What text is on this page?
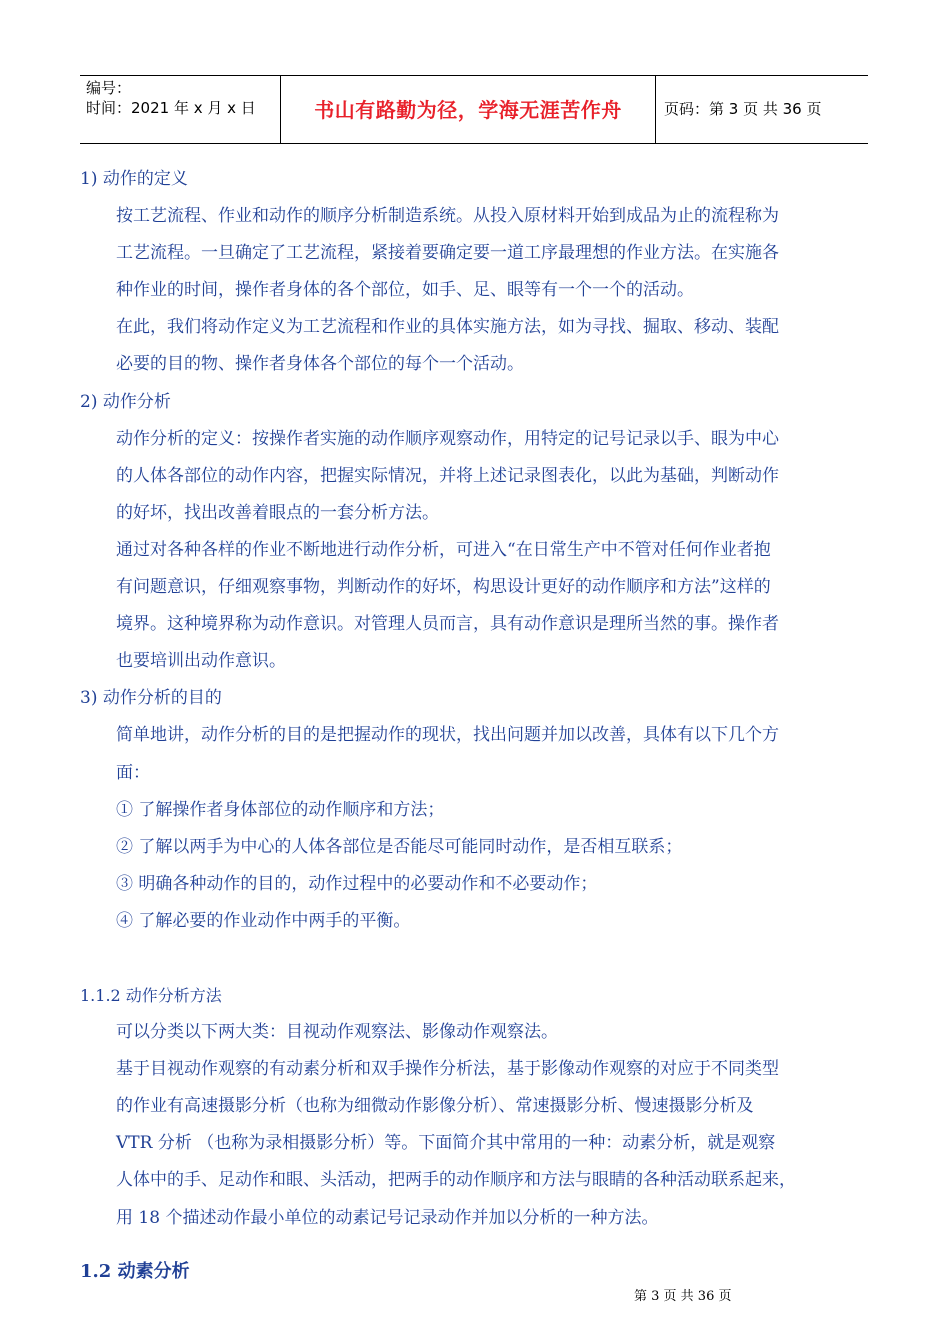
编号：
时间：2021 年 x 月 x 日	书山有路勤为径，学海无涯苦作舟	页码：第 3 页 共 36 页
1) 动作的定义
按工艺流程、作业和动作的顺序分析制造系统。从投入原材料开始到成品为止的流程称为
工艺流程。一旦确定了工艺流程，紧接着要确定要一道工序最理想的作业方法。在实施各
种作业的时间，操作者身体的各个部位，如手、足、眼等有一个一个的活动。
在此，我们将动作定义为工艺流程和作业的具体实施方法，如为寻找、掘取、移动、装配
必要的目的物、操作者身体各个部位的每个一个活动。
2) 动作分析
动作分析的定义：按操作者实施的动作顺序观察动作，用特定的记号记录以手、眼为中心
的人体各部位的动作内容，把握实际情况，并将上述记录图表化，以此为基础，判断动作
的好坏，找出改善着眼点的一套分析方法。
通过对各种各样的作业不断地进行动作分析，可进入“在日常生产中不管对任何作业者抱
有问题意识，仔细观察事物，判断动作的好坏，构思设计更好的动作顺序和方法”这样的
境界。这种境界称为动作意识。对管理人员而言，具有动作意识是理所当然的事。操作者
也要培训出动作意识。
3) 动作分析的目的
简单地讲，动作分析的目的是把握动作的现状，找出问题并加以改善，具体有以下几个方
面：
① 了解操作者身体部位的动作顺序和方法；
② 了解以两手为中心的人体各部位是否能尽可能同时动作，是否相互联系；
③ 明确各种动作的目的，动作过程中的必要动作和不必要动作；
④ 了解必要的作业动作中两手的平衡。
1.1.2 动作分析方法
可以分类以下两大类：目视动作观察法、影像动作观察法。
基于目视动作观察的有动素分析和双手操作分析法，基于影像动作观察的对应于不同类型
的作业有高速摄影分析（也称为细微动作影像分析）、常速摄影分析、慢速摄影分析及
VTR 分析 （也称为录相摄影分析）等。下面简介其中常用的一种：动素分析，就是观察
人体中的手、足动作和眼、头活动，把两手的动作顺序和方法与眼睛的各种活动联系起来，
用 18 个描述动作最小单位的动素记号记录动作并加以分析的一种方法。
1.2 动素分析
第 3 页 共 36 页
